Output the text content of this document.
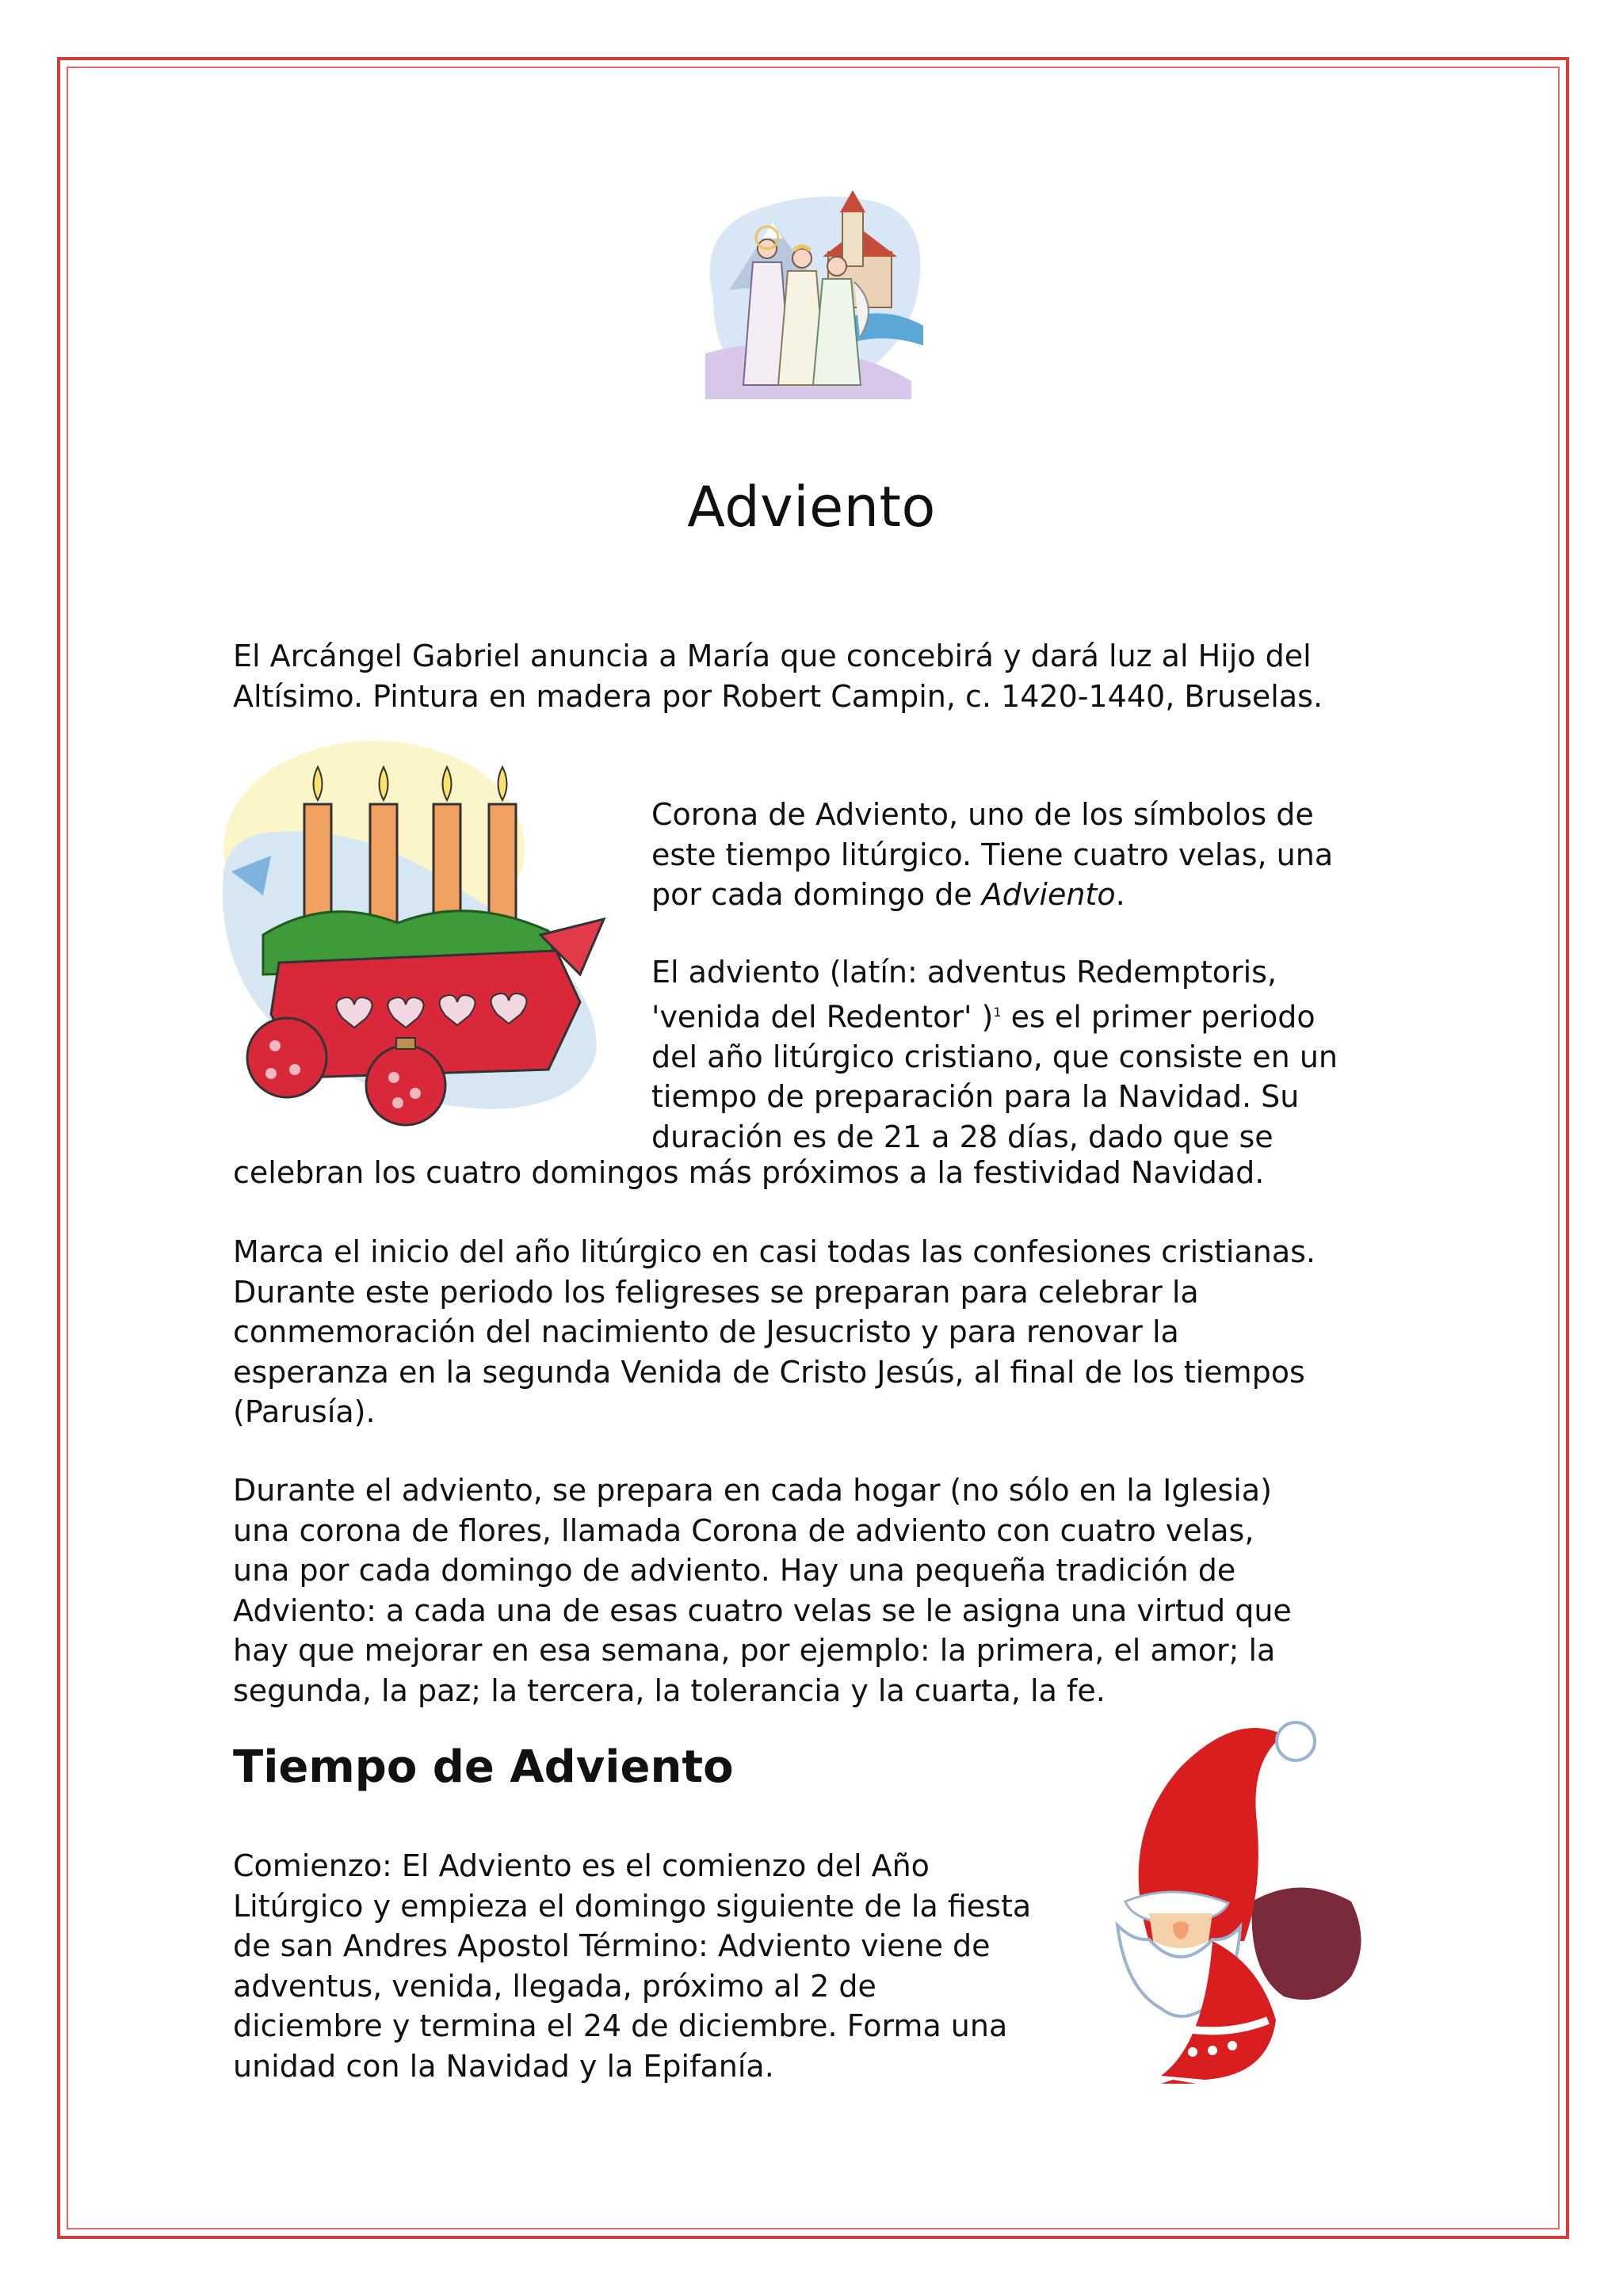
Adviento

El Arcángel Gabriel anuncia a María que concebirá y dará luz al Hijo del

Altísimo. Pintura en madera por Robert Campin, c. 1420-1440, Bruselas.

Corona de Adviento, uno de los símbolos de

este tiempo litúrgico. Tiene cuatro velas, una

por cada domingo de Adviento.

El adviento (latín: adventus Redemptoris,

'venida del Redentor' )$^1$ es el primer periodo

del año litúrgico cristiano, que consiste en un

tiempo de preparación para la Navidad. Su

duración es de 21 a 28 días, dado que se

celebran los cuatro domingos más próximos a la festividad Navidad.

Marca el inicio del año litúrgico en casi todas las confesiones cristianas.

Durante este periodo los feligreses se preparan para celebrar la

conmemoración del nacimiento de Jesucristo y para renovar la

esperanza en la segunda Venida de Cristo Jesús, al final de los tiempos

(Parusía).

Durante el adviento, se prepara en cada hogar (no sólo en la Iglesia)

una corona de flores, llamada Corona de adviento con cuatro velas,

una por cada domingo de adviento. Hay una pequeña tradición de

Adviento: a cada una de esas cuatro velas se le asigna una virtud que

hay que mejorar en esa semana, por ejemplo: la primera, el amor; la

segunda, la paz; la tercera, la tolerancia y la cuarta, la fe.

Tiempo de Adviento

Comienzo: El Adviento es el comienzo del Año

Litúrgico y empieza el domingo siguiente de la fiesta

de san Andres Apostol Término: Adviento viene de

adventus, venida, llegada, próximo al 2 de

diciembre y termina el 24 de diciembre. Forma una

unidad con la Navidad y la Epifanía.
